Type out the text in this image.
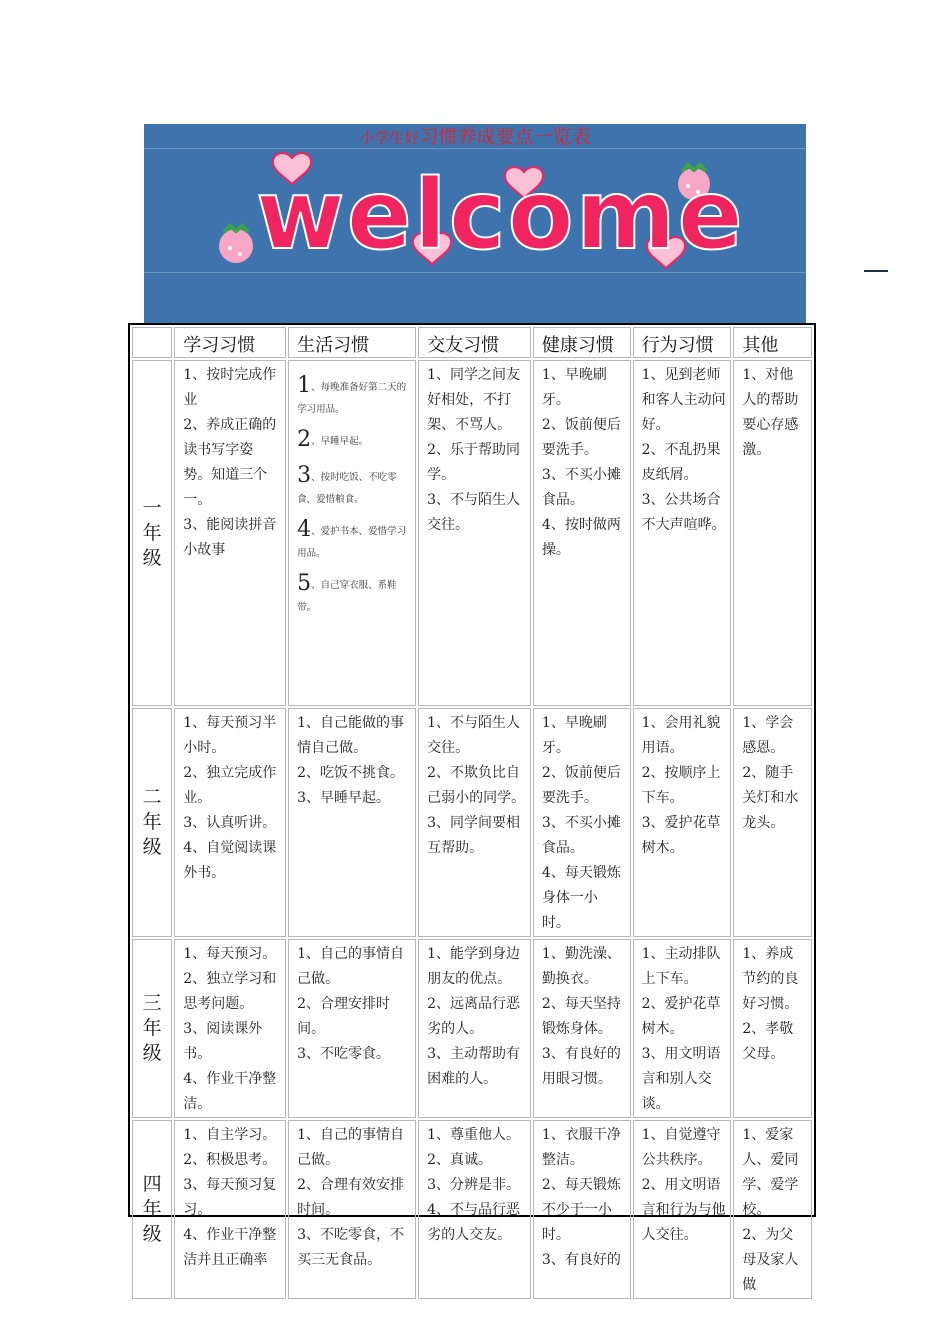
小学生好习惯养成要点一览表
welcome
	学习习惯	生活习惯	交友习惯	健康习惯	行为习惯	其他

一
年
级	1、按时完成作业
2、养成正确的读书写字姿势。知道三个一。
3、能阅读拼音小故事	1、每晚准备好第二天的学习用品。
2、早睡早起。
3、按时吃饭、不吃零食，爱惜粮食。
4、爱护书本、爱惜学习用品。
5、自己穿衣服、系鞋带。	1、同学之间友好相处，不打架、不骂人。
2、乐于帮助同学。
3、不与陌生人交往。	1、早晚刷牙。
2、饭前便后要洗手。
3、不买小摊食品。
4、按时做两操。	1、见到老师和客人主动问好。
2、不乱扔果皮纸屑。
3、公共场合不大声喧哗。	1、对他人的帮助要心存感激。

二
年
级	1、每天预习半小时。
2、独立完成作业。
3、认真听讲。
4、自觉阅读课外书。	1、自己能做的事情自己做。
2、吃饭不挑食。
3、早睡早起。	1、不与陌生人交往。
2、不欺负比自己弱小的同学。
3、同学间要相互帮助。	1、早晚刷牙。
2、饭前便后要洗手。
3、不买小摊食品。
4、每天锻炼身体一小时。	1、会用礼貌用语。
2、按顺序上下车。
3、爱护花草树木。	1、学会感恩。
2、随手关灯和水龙头。

三
年
级	1、每天预习。
2、独立学习和思考问题。
3、阅读课外书。
4、作业干净整洁。	1、自己的事情自己做。
2、合理安排时间。
3、不吃零食。	1、能学到身边朋友的优点。
2、远离品行恶劣的人。
3、主动帮助有困难的人。	1、勤洗澡、勤换衣。
2、每天坚持锻炼身体。
3、有良好的用眼习惯。	1、主动排队上下车。
2、爱护花草树木。
3、用文明语言和别人交谈。	1、养成节约的良好习惯。
2、孝敬父母。

四
年
级	1、自主学习。
2、积极思考。
3、每天预习复习。
4、作业干净整洁并且正确率	1、自己的事情自己做。
2、合理有效安排时间。
3、不吃零食，不买三无食品。	1、尊重他人。
2、真诚。
3、分辨是非。
4、不与品行恶劣的人交友。	1、衣服干净整洁。
2、每天锻炼不少于一小时。
3、有良好的	1、自觉遵守公共秩序。
2、用文明语言和行为与他人交往。	1、爱家人、爱同学、爱学校。
2、为父母及家人做
